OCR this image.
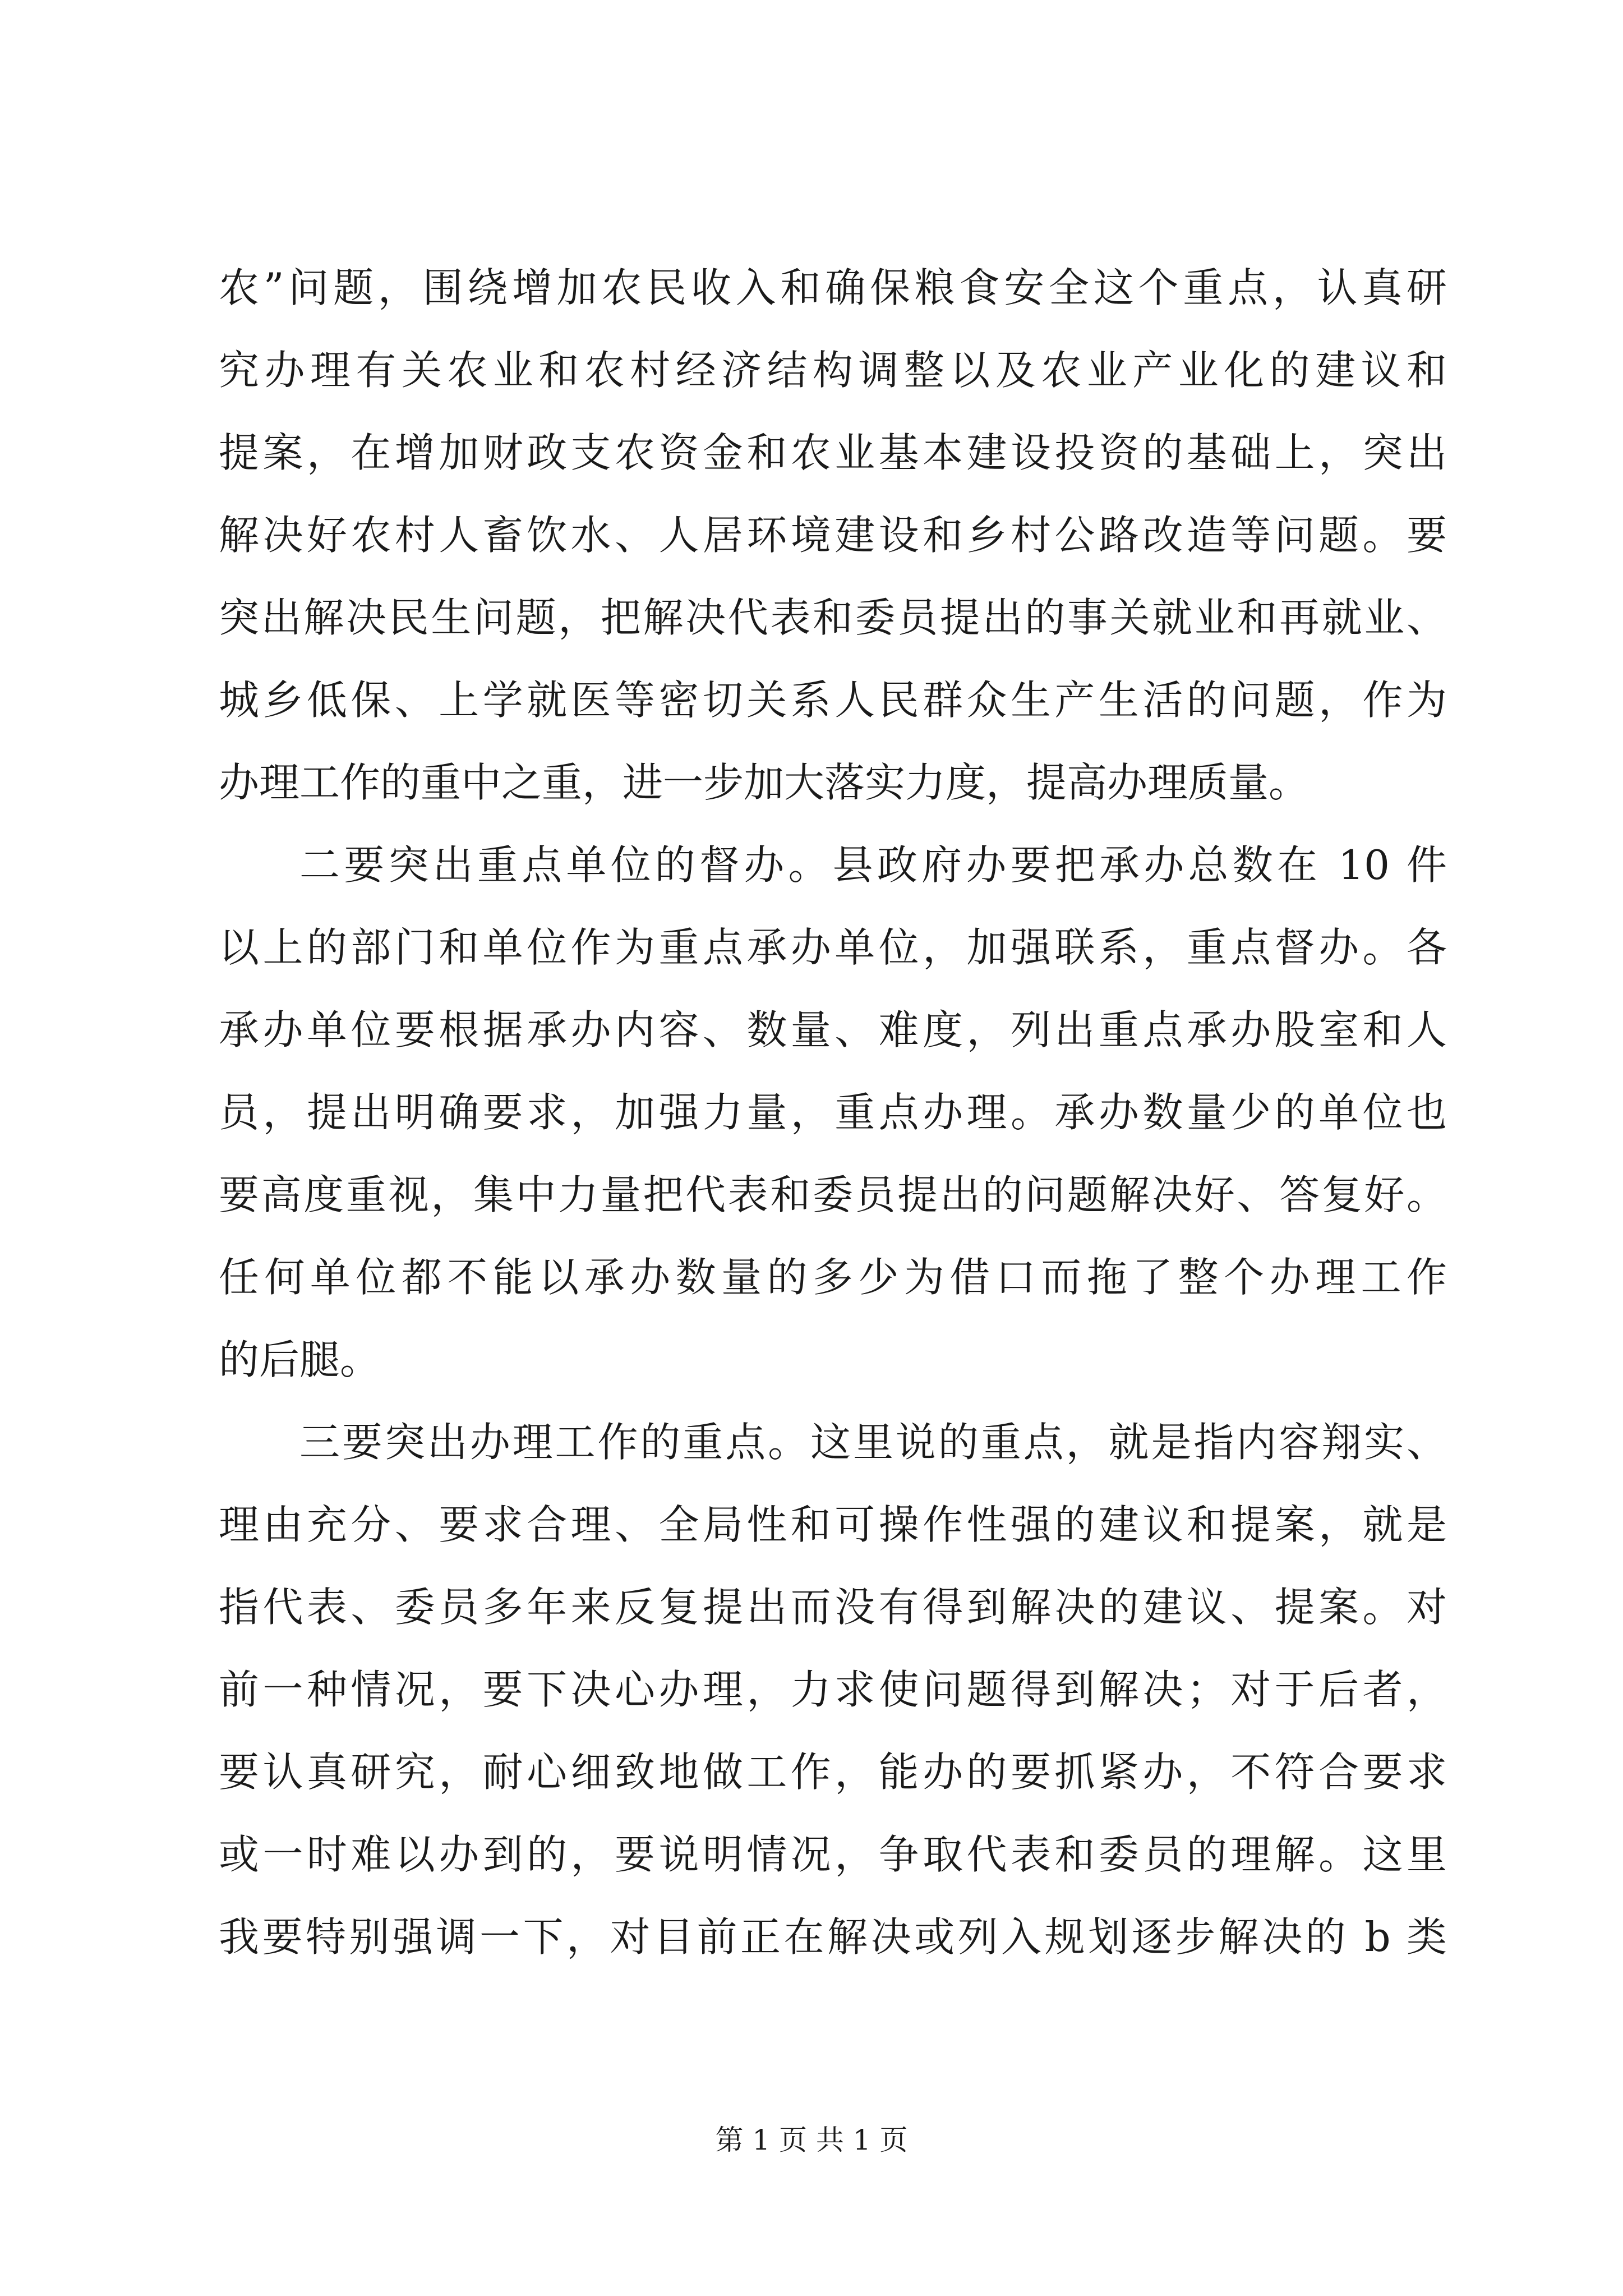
农”问题，围绕增加农民收入和确保粮食安全这个重点，认真研
究办理有关农业和农村经济结构调整以及农业产业化的建议和
提案，在增加财政支农资金和农业基本建设投资的基础上，突出
解决好农村人畜饮水、人居环境建设和乡村公路改造等问题。要
突出解决民生问题，把解决代表和委员提出的事关就业和再就业、
城乡低保、上学就医等密切关系人民群众生产生活的问题，作为
办理工作的重中之重，进一步加大落实力度，提高办理质量。
二要突出重点单位的督办。县政府办要把承办总数在 10 件
以上的部门和单位作为重点承办单位，加强联系，重点督办。各
承办单位要根据承办内容、数量、难度，列出重点承办股室和人
员，提出明确要求，加强力量，重点办理。承办数量少的单位也
要高度重视，集中力量把代表和委员提出的问题解决好、答复好。
任何单位都不能以承办数量的多少为借口而拖了整个办理工作
的后腿。
三要突出办理工作的重点。这里说的重点，就是指内容翔实、
理由充分、要求合理、全局性和可操作性强的建议和提案，就是
指代表、委员多年来反复提出而没有得到解决的建议、提案。对
前一种情况，要下决心办理，力求使问题得到解决；对于后者，
要认真研究，耐心细致地做工作，能办的要抓紧办，不符合要求
或一时难以办到的，要说明情况，争取代表和委员的理解。这里
我要特别强调一下，对目前正在解决或列入规划逐步解决的 b 类
第 1 页 共 1 页
